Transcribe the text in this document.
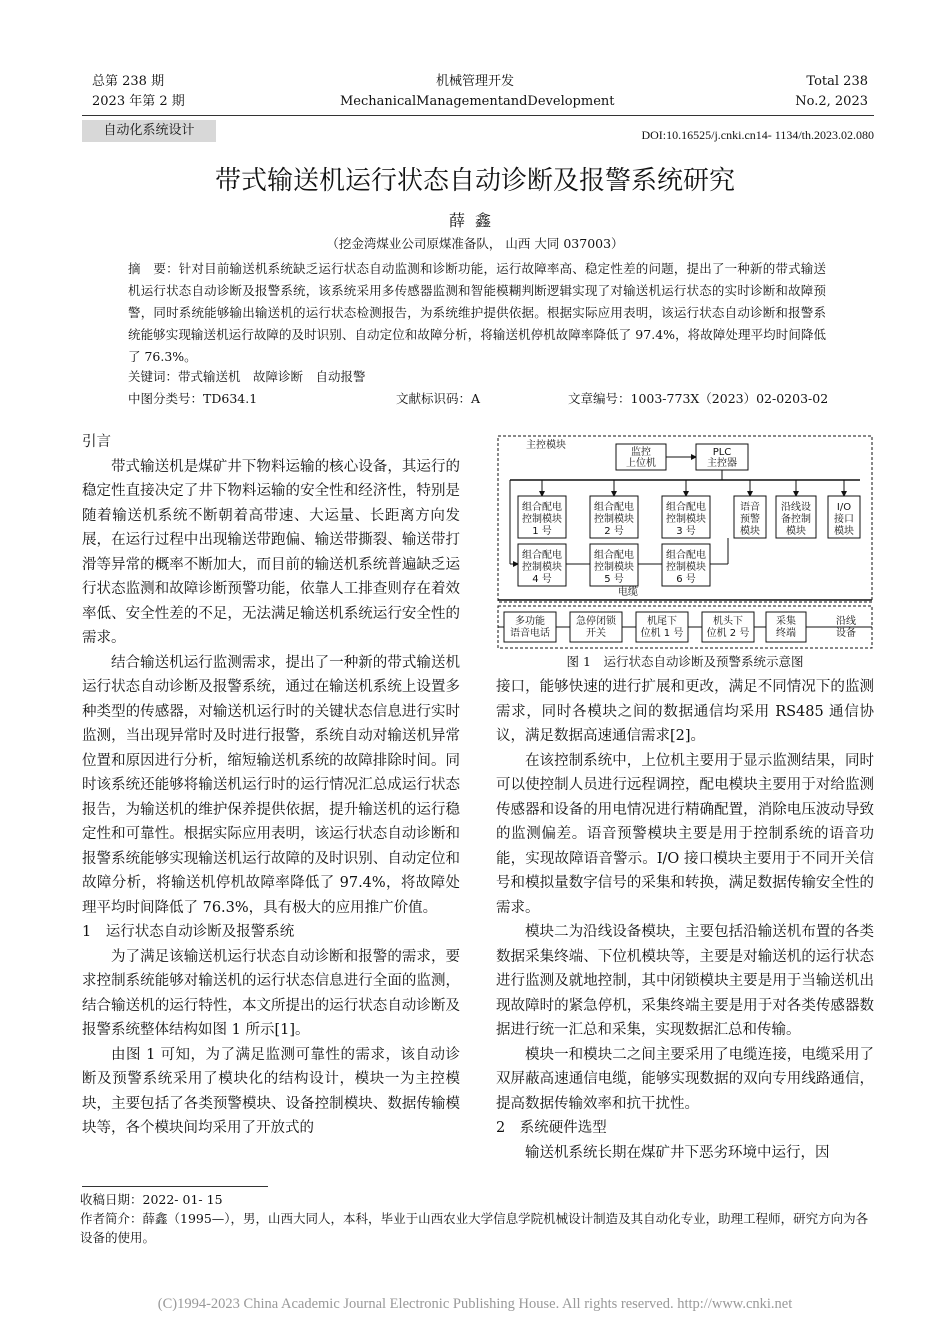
总第 238 期
2023 年第 2 期
机械管理开发
Mechanical Management and Development
Total 238
No.2, 2023
自动化系统设计	DOI:10.16525/j.cnki.cn14- 1134/th.2023.02.080
带式输送机运行状态自动诊断及报警系统研究
薛鑫
（挖金湾煤业公司原煤准备队， 山西 大同 037003）
摘　要：针对目前输送机系统缺乏运行状态自动监测和诊断功能，运行故障率高、稳定性差的问题，提出了一种新的带式输送机运行状态自动诊断及报警系统，该系统采用多传感器监测和智能模糊判断逻辑实现了对输送机运行状态的实时诊断和故障预警，同时系统能够输出输送机的运行状态检测报告，为系统维护提供依据。根据实际应用表明，该运行状态自动诊断和报警系统能够实现输送机运行故障的及时识别、自动定位和故障分析，将输送机停机故障率降低了 97.4%，将故障处理平均时间降低了 76.3%。
关键词：带式输送机　故障诊断　自动报警
中图分类号：TD634.1	文献标识码：A	文章编号：1003-773X（2023）02-0203-02
引言

带式输送机是煤矿井下物料运输的核心设备，其运行的稳定性直接决定了井下物料运输的安全性和经济性，特别是随着输送机系统不断朝着高带速、大运量、长距离方向发展，在运行过程中出现输送带跑偏、输送带撕裂、输送带打滑等异常的概率不断加大，而目前的输送机系统普遍缺乏运行状态监测和故障诊断预警功能，依靠人工排查则存在着效率低、安全性差的不足，无法满足输送机系统运行安全性的需求。

结合输送机运行监测需求，提出了一种新的带式输送机运行状态自动诊断及报警系统，通过在输送机系统上设置多种类型的传感器，对输送机运行时的关键状态信息进行实时监测，当出现异常时及时进行报警，系统自动对输送机异常位置和原因进行分析，缩短输送机系统的故障排除时间。同时该系统还能够将输送机运行时的运行情况汇总成运行状态报告，为输送机的维护保养提供依据，提升输送机的运行稳定性和可靠性。根据实际应用表明，该运行状态自动诊断和报警系统能够实现输送机运行故障的及时识别、自动定位和故障分析，将输送机停机故障率降低了 97.4%，将故障处理平均时间降低了 76.3%，具有极大的应用推广价值。

1　运行状态自动诊断及报警系统

为了满足该输送机运行状态自动诊断和报警的需求，要求控制系统能够对输送机的运行状态信息进行全面的监测，结合输送机的运行特性，本文所提出的运行状态自动诊断及报警系统整体结构如图 1 所示[1]。

由图 1 可知，为了满足监测可靠性的需求，该自动诊断及预警系统采用了模块化的结构设计，模块一为主控模块，主要包括了各类预警模块、设备控制模块、数据传输模块等，各个模块间均采用了开放式的

主控模块
监控
上位机
PLC
主控器
组合配电
控制模块
1 号
组合配电
控制模块
2 号
组合配电
控制模块
3 号
语音
预警
模块
沿线设
备控制
模块
I/O
接口
模块
组合配电
控制模块
4 号
组合配电
控制模块
5 号
组合配电
控制模块
6 号
电缆
多功能
语音电话
急停闭锁
开关
机尾下
位机 1 号
机头下
位机 2 号
采集
终端
沿线
设备
图 1　运行状态自动诊断及预警系统示意图

接口，能够快速的进行扩展和更改，满足不同情况下的监测需求，同时各模块之间的数据通信均采用 RS485 通信协议，满足数据高速通信需求[2]。

在该控制系统中，上位机主要用于显示监测结果，同时可以使控制人员进行远程调控，配电模块主要用于对给监测传感器和设备的用电情况进行精确配置，消除电压波动导致的监测偏差。语音预警模块主要是用于控制系统的语音功能，实现故障语音警示。I/O 接口模块主要用于不同开关信号和模拟量数字信号的采集和转换，满足数据传输安全性的需求。

模块二为沿线设备模块，主要包括沿输送机布置的各类数据采集终端、下位机模块等，主要是对输送机的运行状态进行监测及就地控制，其中闭锁模块主要是用于当输送机出现故障时的紧急停机，采集终端主要是用于对各类传感器数据进行统一汇总和采集，实现数据汇总和传输。

模块一和模块二之间主要采用了电缆连接，电缆采用了双屏蔽高速通信电缆，能够实现数据的双向专用线路通信，提高数据传输效率和抗干扰性。

2　系统硬件选型

输送机系统长期在煤矿井下恶劣环境中运行，因

收稿日期：2022- 01- 15
作者简介：薛鑫（1995—），男，山西大同人，本科，毕业于山西农业大学信息学院机械设计制造及其自动化专业，助理工程师，研究方向为各设备的使用。
(C)1994-2023 China Academic Journal Electronic Publishing House. All rights reserved. http://www.cnki.net
